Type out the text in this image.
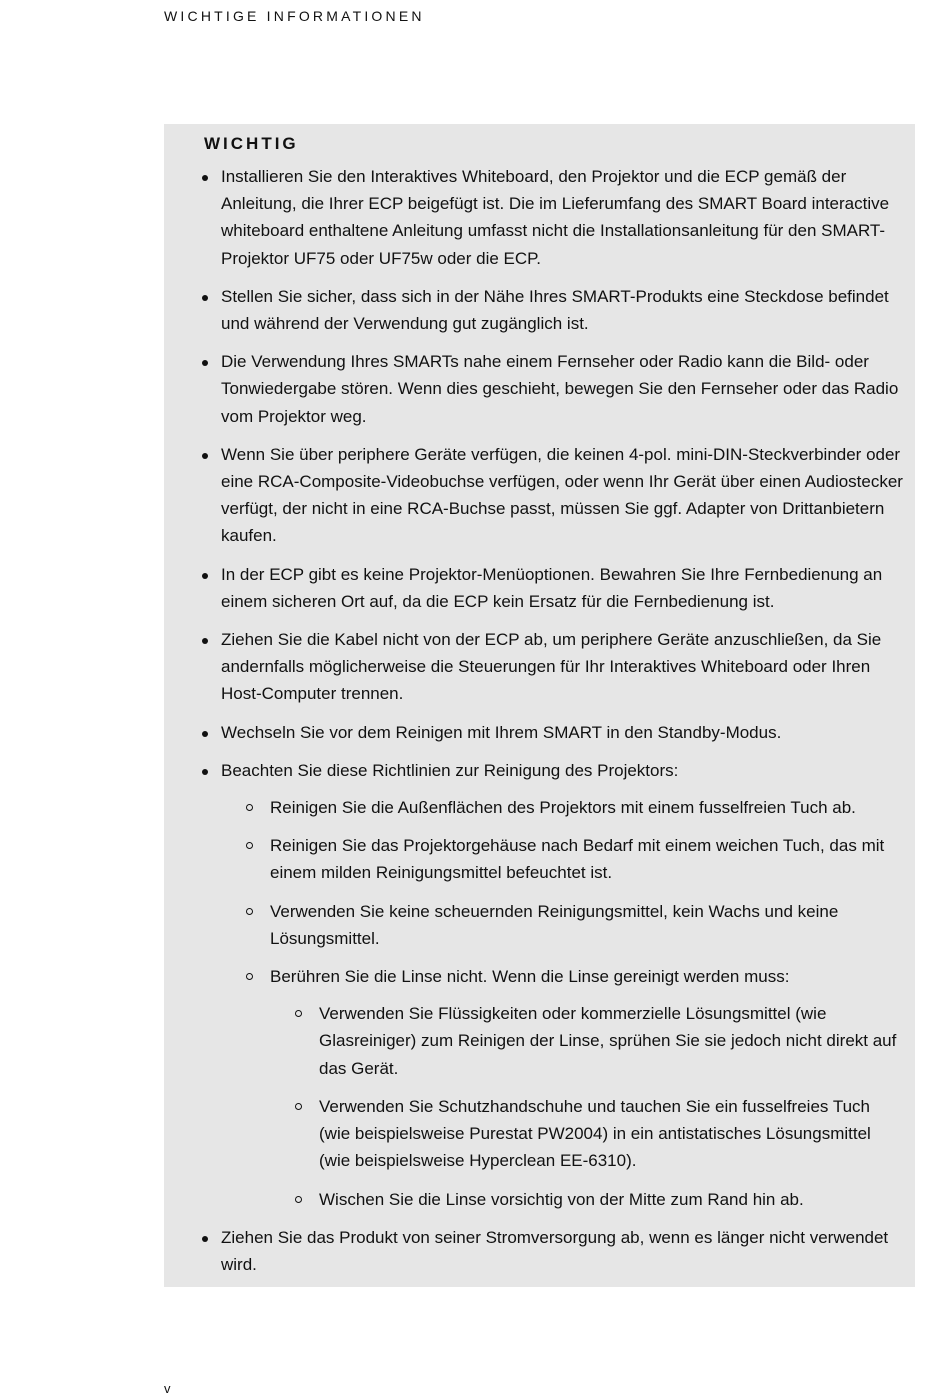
WICHTIGE INFORMATIONEN
WICHTIG
Installieren Sie den Interaktives Whiteboard, den Projektor und die ECP gemäß der Anleitung, die Ihrer ECP beigefügt ist. Die im Lieferumfang des SMART Board interactive whiteboard enthaltene Anleitung umfasst nicht die Installationsanleitung für den SMART-Projektor UF75 oder UF75w oder die ECP.
Stellen Sie sicher, dass sich in der Nähe Ihres SMART-Produkts eine Steckdose befindet und während der Verwendung gut zugänglich ist.
Die Verwendung Ihres SMARTs nahe einem Fernseher oder Radio kann die Bild- oder Tonwiedergabe stören. Wenn dies geschieht, bewegen Sie den Fernseher oder das Radio vom Projektor weg.
Wenn Sie über periphere Geräte verfügen, die keinen 4-pol. mini-DIN-Steckverbinder oder eine RCA-Composite-Videobuchse verfügen, oder wenn Ihr Gerät über einen Audiostecker verfügt, der nicht in eine RCA-Buchse passt, müssen Sie ggf. Adapter von Drittanbietern kaufen.
In der ECP gibt es keine Projektor-Menüoptionen. Bewahren Sie Ihre Fernbedienung an einem sicheren Ort auf, da die ECP kein Ersatz für die Fernbedienung ist.
Ziehen Sie die Kabel nicht von der ECP ab, um periphere Geräte anzuschließen, da Sie andernfalls möglicherweise die Steuerungen für Ihr Interaktives Whiteboard oder Ihren Host-Computer trennen.
Wechseln Sie vor dem Reinigen mit Ihrem SMART in den Standby-Modus.
Beachten Sie diese Richtlinien zur Reinigung des Projektors:
Reinigen Sie die Außenflächen des Projektors mit einem fusselfreien Tuch ab.
Reinigen Sie das Projektorgehäuse nach Bedarf mit einem weichen Tuch, das mit einem milden Reinigungsmittel befeuchtet ist.
Verwenden Sie keine scheuernden Reinigungsmittel, kein Wachs und keine Lösungsmittel.
Berühren Sie die Linse nicht. Wenn die Linse gereinigt werden muss:
Verwenden Sie Flüssigkeiten oder kommerzielle Lösungsmittel (wie Glasreiniger) zum Reinigen der Linse, sprühen Sie sie jedoch nicht direkt auf das Gerät.
Verwenden Sie Schutzhandschuhe und tauchen Sie ein fusselfreies Tuch (wie beispielsweise Purestat PW2004) in ein antistatisches Lösungsmittel (wie beispielsweise Hyperclean EE-6310).
Wischen Sie die Linse vorsichtig von der Mitte zum Rand hin ab.
Ziehen Sie das Produkt von seiner Stromversorgung ab, wenn es länger nicht verwendet wird.
v
